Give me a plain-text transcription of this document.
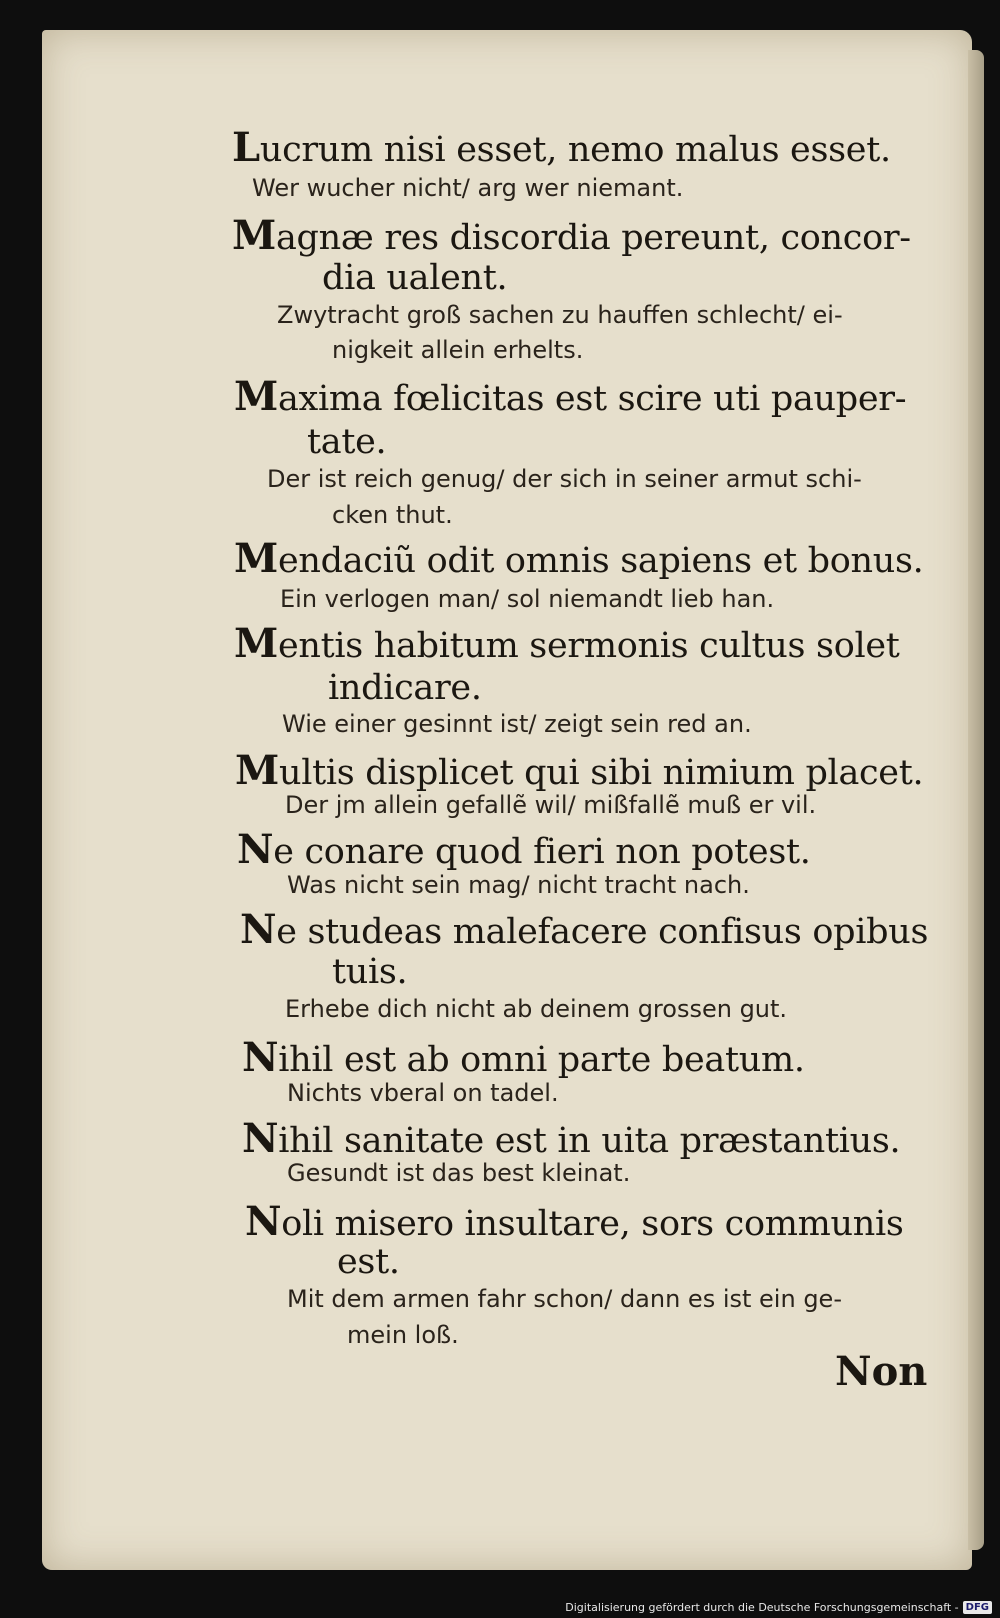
Lucrum nisi esset, nemo malus esset.
Wer wucher nicht/ arg wer niemant.
Magnæ res discordia pereunt, concor-
dia ualent.
Zwytracht groß sachen zu hauffen schlecht/ ei-
nigkeit allein erhelts.
Maxima fœlicitas est scire uti pauper-
tate.
Der ist reich genug/ der sich in seiner armut schi-
cken thut.
Mendaciũ odit omnis sapiens et bonus.
Ein verlogen man/ sol niemandt lieb han.
Mentis habitum sermonis cultus solet
indicare.
Wie einer gesinnt ist/ zeigt sein red an.
Multis displicet qui sibi nimium placet.
Der jm allein gefallẽ wil/ mißfallẽ muß er vil.
Ne conare quod fieri non potest.
Was nicht sein mag/ nicht tracht nach.
Ne studeas malefacere confisus opibus
tuis.
Erhebe dich nicht ab deinem grossen gut.
Nihil est ab omni parte beatum.
Nichts vberal on tadel.
Nihil sanitate est in uita præstantius.
Gesundt ist das best kleinat.
Noli misero insultare, sors communis
est.
Mit dem armen fahr schon/ dann es ist ein ge-
mein loß.
Non
Digitalisierung gefördert durch die Deutsche Forschungsgemeinschaft - DFG
